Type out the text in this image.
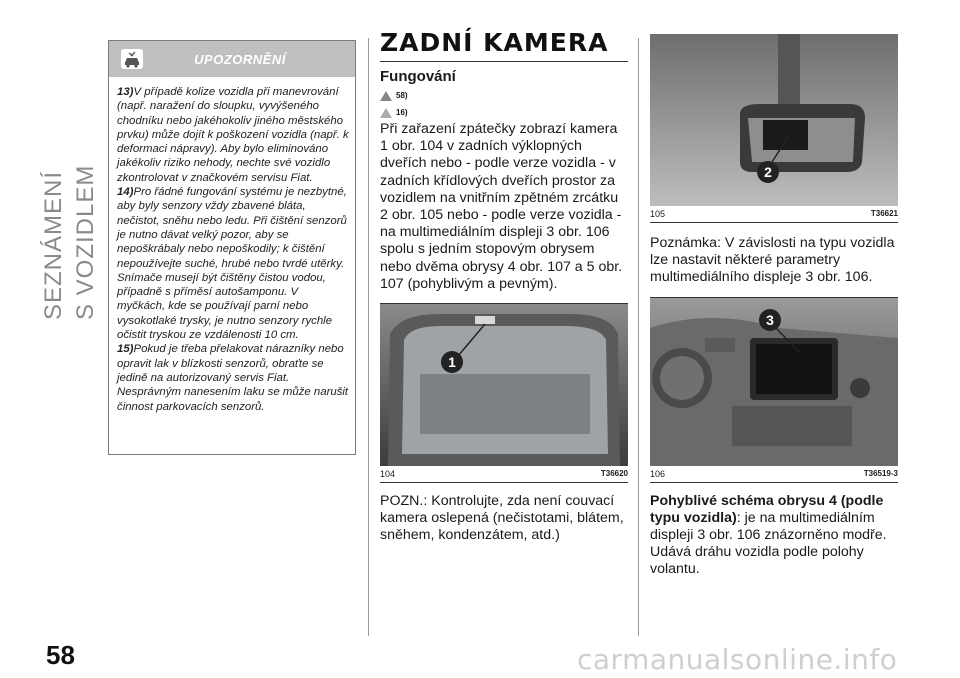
SEZNÁMENÍ S VOZIDLEM
UPOZORNĚNÍ

13)V případě kolize vozidla při manevrování (např. naražení do sloupku, vyvýšeného chodníku nebo jakéhokoliv jiného městského prvku) může dojít k poškození vozidla (např. k deformaci nápravy). Aby bylo eliminováno jakékoliv riziko nehody, nechte své vozidlo zkontrolovat v značkovém servisu Fiat.

14)Pro řádné fungování systému je nezbytné, aby byly senzory vždy zbavené bláta, nečistot, sněhu nebo ledu. Při čištění senzorů je nutno dávat velký pozor, aby se nepoškrábaly nebo nepoškodily; k čištění nepoužívejte suché, hrubé nebo tvrdé utěrky. Snímače musejí být čištěny čistou vodou, případně s příměsí autošamponu. V myčkách, kde se používají parní nebo vysokotlaké trysky, je nutno senzory rychle očistit tryskou ze vzdálenosti 10 cm.

15)Pokud je třeba přelakovat nárazníky nebo opravit lak v blízkosti senzorů, obraťte se jedině na autorizovaný servis Fiat. Nesprávným nanesením laku se může narušit činnost parkovacích senzorů.

ZADNÍ KAMERA
Fungování
58)
16)

Při zařazení zpátečky zobrazí kamera 1 obr. 104 v zadních výklopných dveřích nebo - podle verze vozidla - v zadních křídlových dveřích prostor za vozidlem na vnitřním zpětném zrcátku 2 obr. 105 nebo - podle verze vozidla - na multimediálním displeji 3 obr. 106 spolu s jedním stopovým obrysem nebo dvěma obrysy 4 obr. 107 a 5 obr. 107 (pohyblivým a pevným).

1
104	T36620

POZN.: Kontrolujte, zda není couvací kamera oslepená (nečistotami, blátem, sněhem, kondenzátem, atd.)

2
105	T36621

Poznámka: V závislosti na typu vozidla lze nastavit některé parametry multimediálního displeje 3 obr. 106.

3
106	T36519-3

Pohyblivé schéma obrysu 4 (podle typu vozidla): je na multimediálním displeji 3 obr. 106 znázorněno modře. Udává dráhu vozidla podle polohy volantu.

58	carmanualsonline.info
